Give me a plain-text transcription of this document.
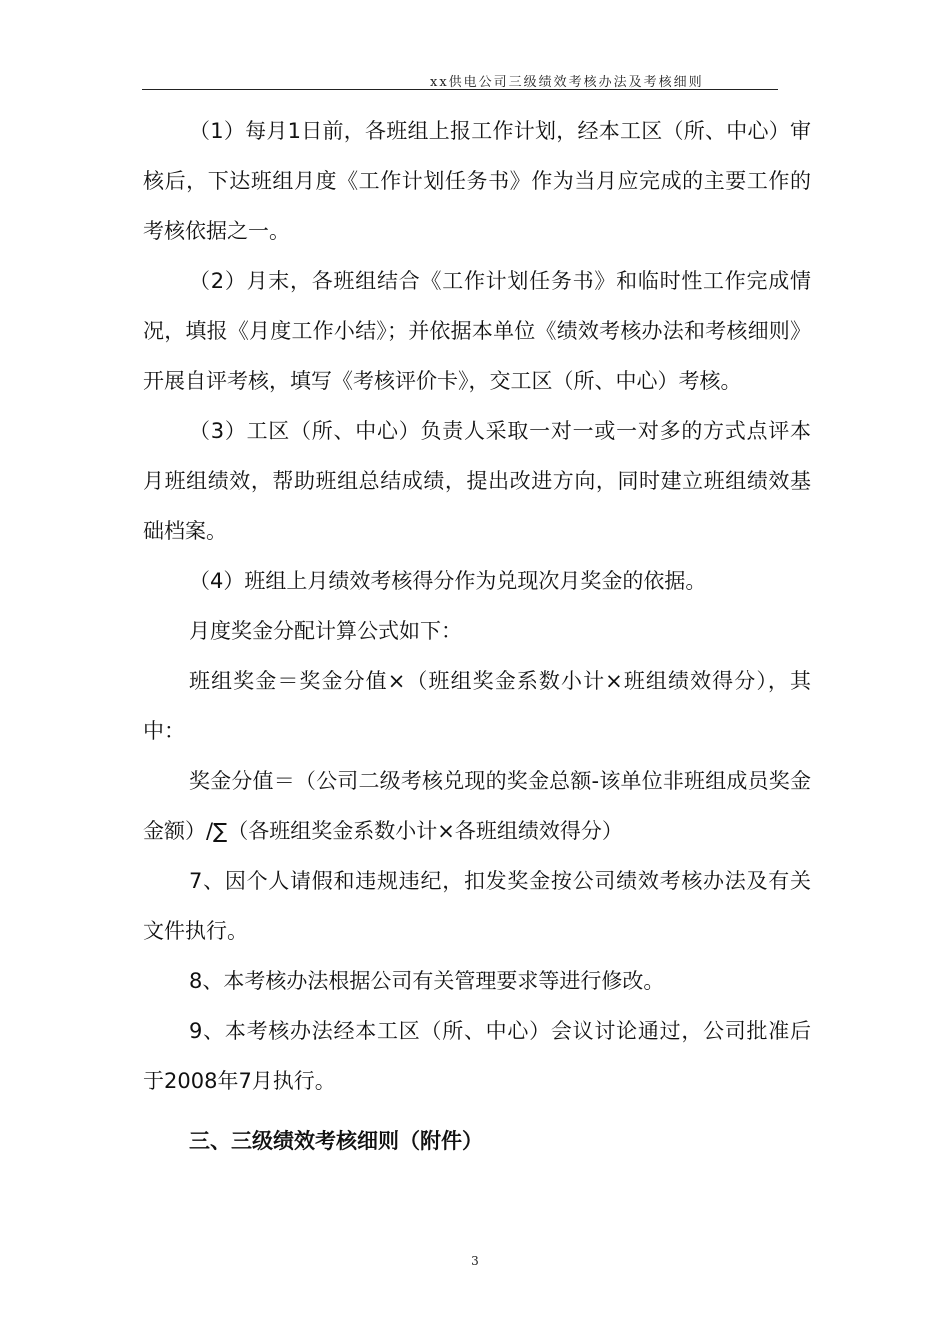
xx供电公司三级绩效考核办法及考核细则

（1）每月1日前，各班组上报工作计划，经本工区（所、中心）审核后，下达班组月度《工作计划任务书》作为当月应完成的主要工作的考核依据之一。

（2）月末，各班组结合《工作计划任务书》和临时性工作完成情况，填报《月度工作小结》；并依据本单位《绩效考核办法和考核细则》开展自评考核，填写《考核评价卡》，交工区（所、中心）考核。

（3）工区（所、中心）负责人采取一对一或一对多的方式点评本月班组绩效，帮助班组总结成绩，提出改进方向，同时建立班组绩效基础档案。

（4）班组上月绩效考核得分作为兑现次月奖金的依据。

月度奖金分配计算公式如下：

班组奖金＝奖金分值×（班组奖金系数小计×班组绩效得分），其中：

奖金分值＝（公司二级考核兑现的奖金总额-该单位非班组成员奖金金额）/∑（各班组奖金系数小计×各班组绩效得分）

7、因个人请假和违规违纪，扣发奖金按公司绩效考核办法及有关文件执行。

8、本考核办法根据公司有关管理要求等进行修改。

9、本考核办法经本工区（所、中心）会议讨论通过，公司批准后于2008年7月执行。

三、三级绩效考核细则（附件）

3
